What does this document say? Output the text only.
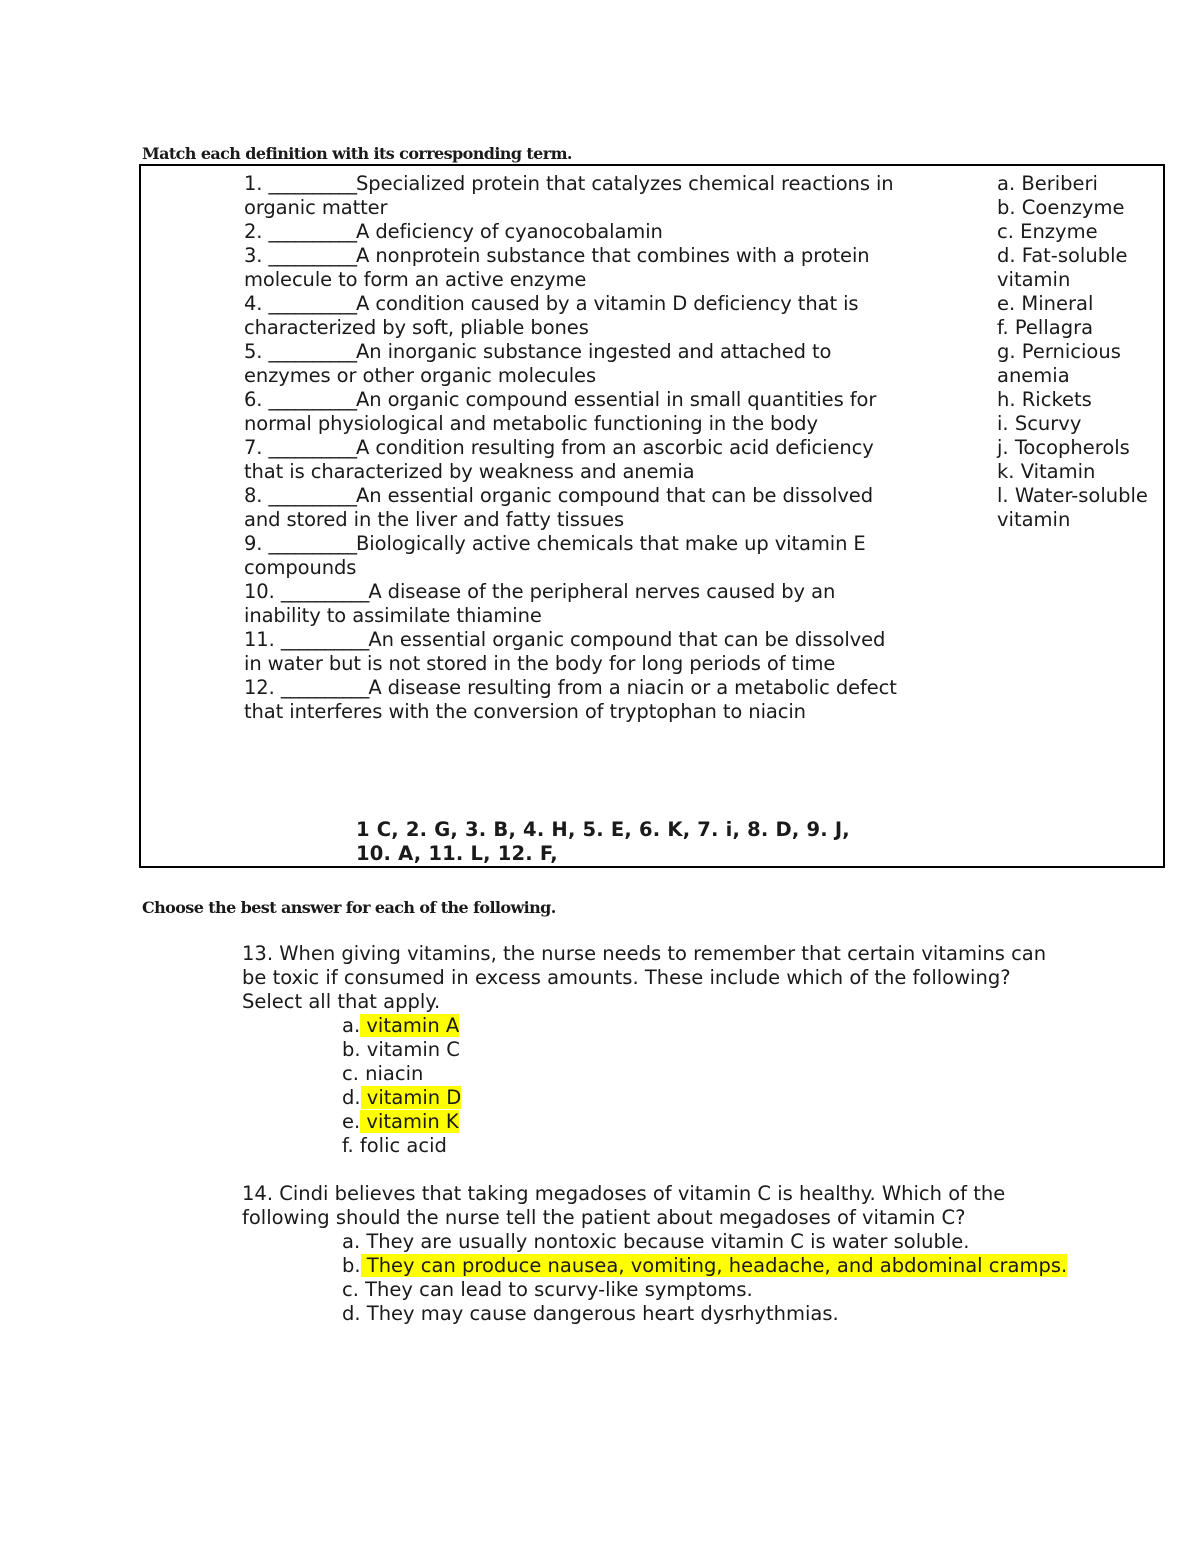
Match each definition with its corresponding term.

1. __________Specialized protein that catalyzes chemical reactions in organic matter

2. __________A deficiency of cyanocobalamin

3. __________A nonprotein substance that combines with a protein molecule to form an active enzyme

4. __________A condition caused by a vitamin D deficiency that is characterized by soft, pliable bones

5. __________An inorganic substance ingested and attached to enzymes or other organic molecules

6. __________An organic compound essential in small quantities for normal physiological and metabolic functioning in the body

7. __________A condition resulting from an ascorbic acid deficiency that is characterized by weakness and anemia

8. __________An essential organic compound that can be dissolved and stored in the liver and fatty tissues

9. __________Biologically active chemicals that make up vitamin E compounds

10. __________A disease of the peripheral nerves caused by an inability to assimilate thiamine

11. __________An essential organic compound that can be dissolved in water but is not stored in the body for long periods of time

12. __________A disease resulting from a niacin or a metabolic defect that interferes with the conversion of tryptophan to niacin

a. Beriberi

b. Coenzyme

c. Enzyme

d. Fat-soluble vitamin

e. Mineral

f. Pellagra

g. Pernicious anemia

h. Rickets

i. Scurvy

j. Tocopherols

k. Vitamin

l. Water-soluble vitamin

1 C, 2. G, 3. B, 4. H, 5. E, 6. K, 7. i, 8. D, 9. J,
10. A, 11. L, 12. F,
Choose the best answer for each of the following.

13. When giving vitamins, the nurse needs to remember that certain vitamins can be toxic if consumed in excess amounts. These include which of the following? Select all that apply.

a. vitamin A

b. vitamin C

c. niacin

d. vitamin D

e. vitamin K

f. folic acid

14. Cindi believes that taking megadoses of vitamin C is healthy. Which of the following should the nurse tell the patient about megadoses of vitamin C?

a. They are usually nontoxic because vitamin C is water soluble.

b. They can produce nausea, vomiting, headache, and abdominal cramps.

c. They can lead to scurvy-like symptoms.

d. They may cause dangerous heart dysrhythmias.
